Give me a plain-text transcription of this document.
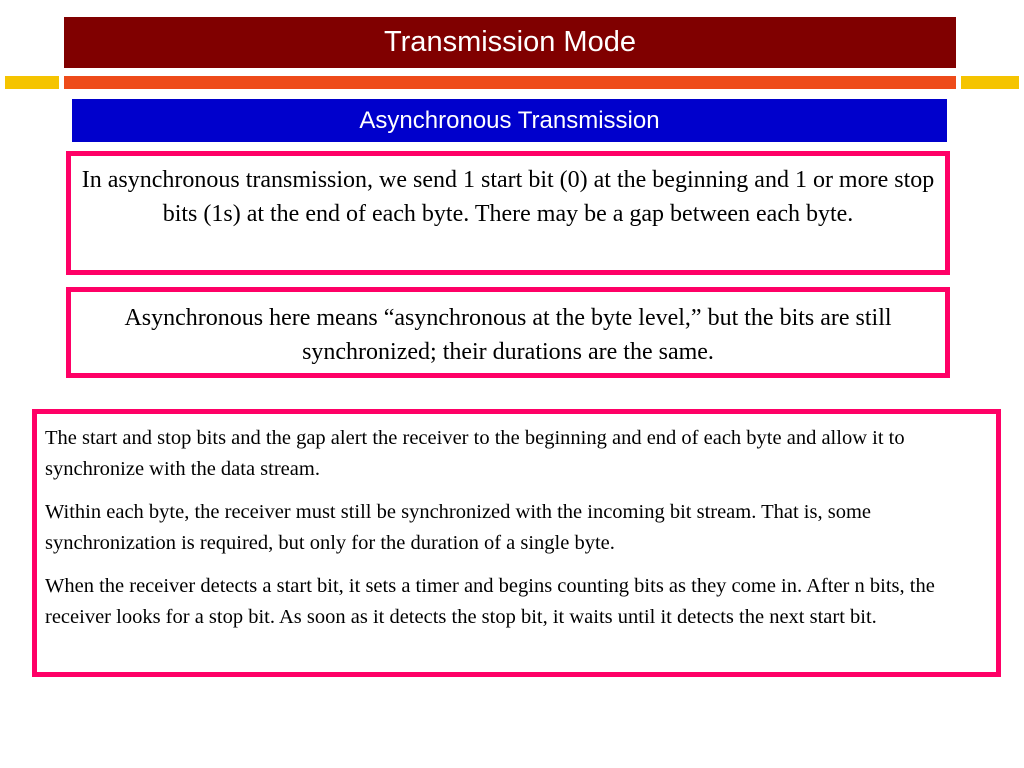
Transmission Mode
Asynchronous Transmission
In asynchronous transmission, we send 1 start bit (0) at the beginning and 1 or more stop bits (1s) at the end of each byte. There may be a gap between each byte.
Asynchronous here means “asynchronous at the byte level,” but the bits are still synchronized; their durations are the same.

The start and stop bits and the gap alert the receiver to the beginning and end of each byte and allow it to synchronize with the data stream.

Within each byte, the receiver must still be synchronized with the incoming bit stream. That is, some synchronization is required, but only for the duration of a single byte.

When the receiver detects a start bit, it sets a timer and begins counting bits as they come in. After n bits, the receiver looks for a stop bit. As soon as it detects the stop bit, it waits until it detects the next start bit.
